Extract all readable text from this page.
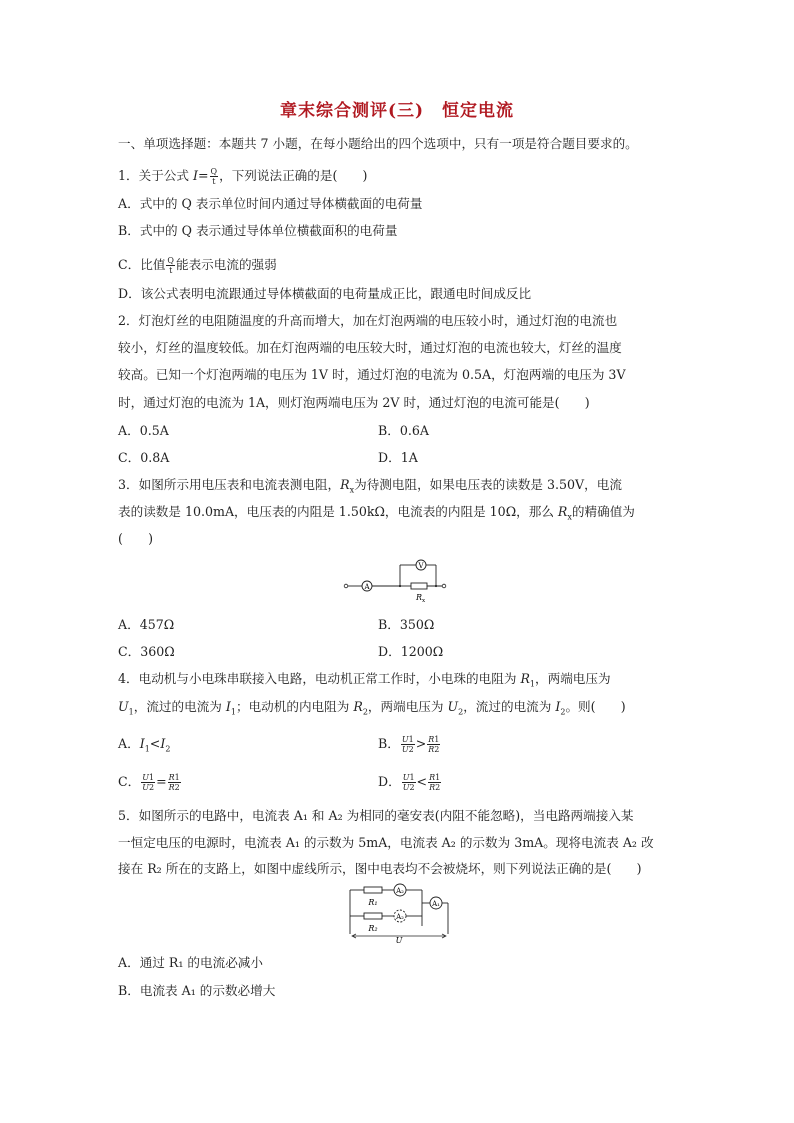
章末综合测评(三) 恒定电流
一、单项选择题：本题共 7 小题，在每小题给出的四个选项中，只有一项是符合题目要求的。
1．关于公式 $I= \frac{Q}{t}$ ，下列说法正确的是(　　)
A．式中的 Q 表示单位时间内通过导体横截面的电荷量
B．式中的 Q 表示通过导体单位横截面积的电荷量
C．比值 $\frac{Q}{t}$ 能表示电流的强弱
D．该公式表明电流跟通过导体横截面的电荷量成正比，跟通电时间成反比
2．灯泡灯丝的电阻随温度的升高而增大，加在灯泡两端的电压较小时，通过灯泡的电流也
较小，灯丝的温度较低。加在灯泡两端的电压较大时，通过灯泡的电流也较大，灯丝的温度
较高。已知一个灯泡两端的电压为 1V 时，通过灯泡的电流为 0.5A，灯泡两端的电压为 3V
时，通过灯泡的电流为 1A，则灯泡两端电压为 2V 时，通过灯泡的电流可能是(　　)
A．0.5A	B．0.6A
C．0.8A	D．1A
3．如图所示用电压表和电流表测电阻，$R_x$为待测电阻，如果电压表的读数是 3.50V，电流
表的读数是 10.0mA，电压表的内阻是 1.50kΩ，电流表的内阻是 10Ω，那么 $R_x$的精确值为
(　　)
A
V
R x
A．457Ω	B．350Ω
C．360Ω	D．1200Ω
4．电动机与小电珠串联接入电路，电动机正常工作时，小电珠的电阻为 $R_1$，两端电压为
$U_1$，流过的电流为 $I_1$；电动机的内电阻为 $R_2$，两端电压为 $U_2$，流过的电流为 $I_2$。则(　　)
A．$I_1<I_2$	B． $\frac{U1}{U2} > \frac{R1}{R2}$
C． $\frac{U1}{U2} = \frac{R1}{R2}$	D． $\frac{U1}{U2} < \frac{R1}{R2}$
5．如图所示的电路中，电流表 A₁ 和 A₂ 为相同的毫安表(内阻不能忽略)，当电路两端接入某
一恒定电压的电源时，电流表 A₁ 的示数为 5mA，电流表 A₂ 的示数为 3mA。现将电流表 A₂ 改
接在 R₂ 所在的支路上，如图中虚线所示，图中电表均不会被烧坏，则下列说法正确的是(　　)
A₂
A₂
A₁
R₁
R₂
U
A．通过 R₁ 的电流必减小
B．电流表 A₁ 的示数必增大
